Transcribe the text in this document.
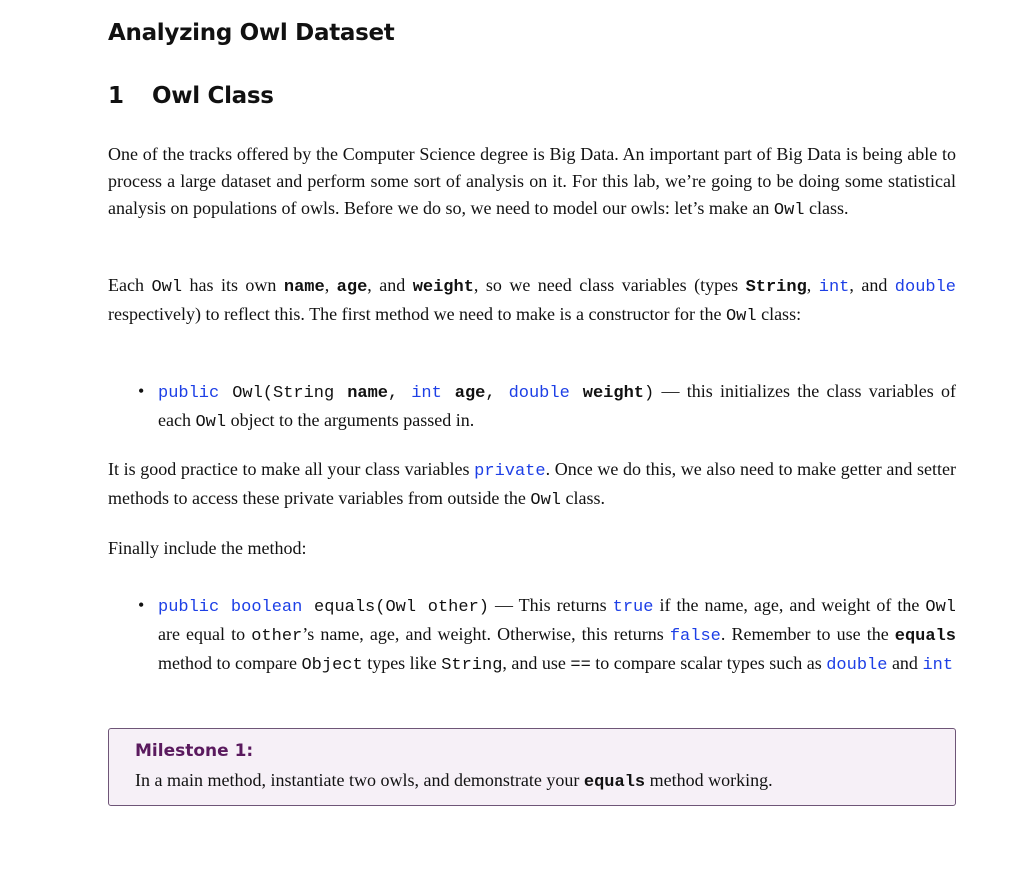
Analyzing Owl Dataset
1 Owl Class

One of the tracks offered by the Computer Science degree is Big Data. An important part of Big Data is being able to process a large dataset and perform some sort of analysis on it. For this lab, we’re going to be doing some statistical analysis on populations of owls. Before we do so, we need to model our owls: let’s make an Owl class.

Each Owl has its own name, age, and weight, so we need class variables (types String, int, and double respectively) to reflect this. The first method we need to make is a constructor for the Owl class:

• public Owl(String name, int age, double weight) — this initializes the class variables of each Owl object to the arguments passed in.

It is good practice to make all your class variables private. Once we do this, we also need to make getter and setter methods to access these private variables from outside the Owl class.

Finally include the method:

• public boolean equals(Owl other) — This returns true if the name, age, and weight of the Owl are equal to other’s name, age, and weight. Otherwise, this returns false. Remember to use the equals method to compare Object types like String, and use == to compare scalar types such as double and int
Milestone 1:
In a main method, instantiate two owls, and demonstrate your equals method working.
